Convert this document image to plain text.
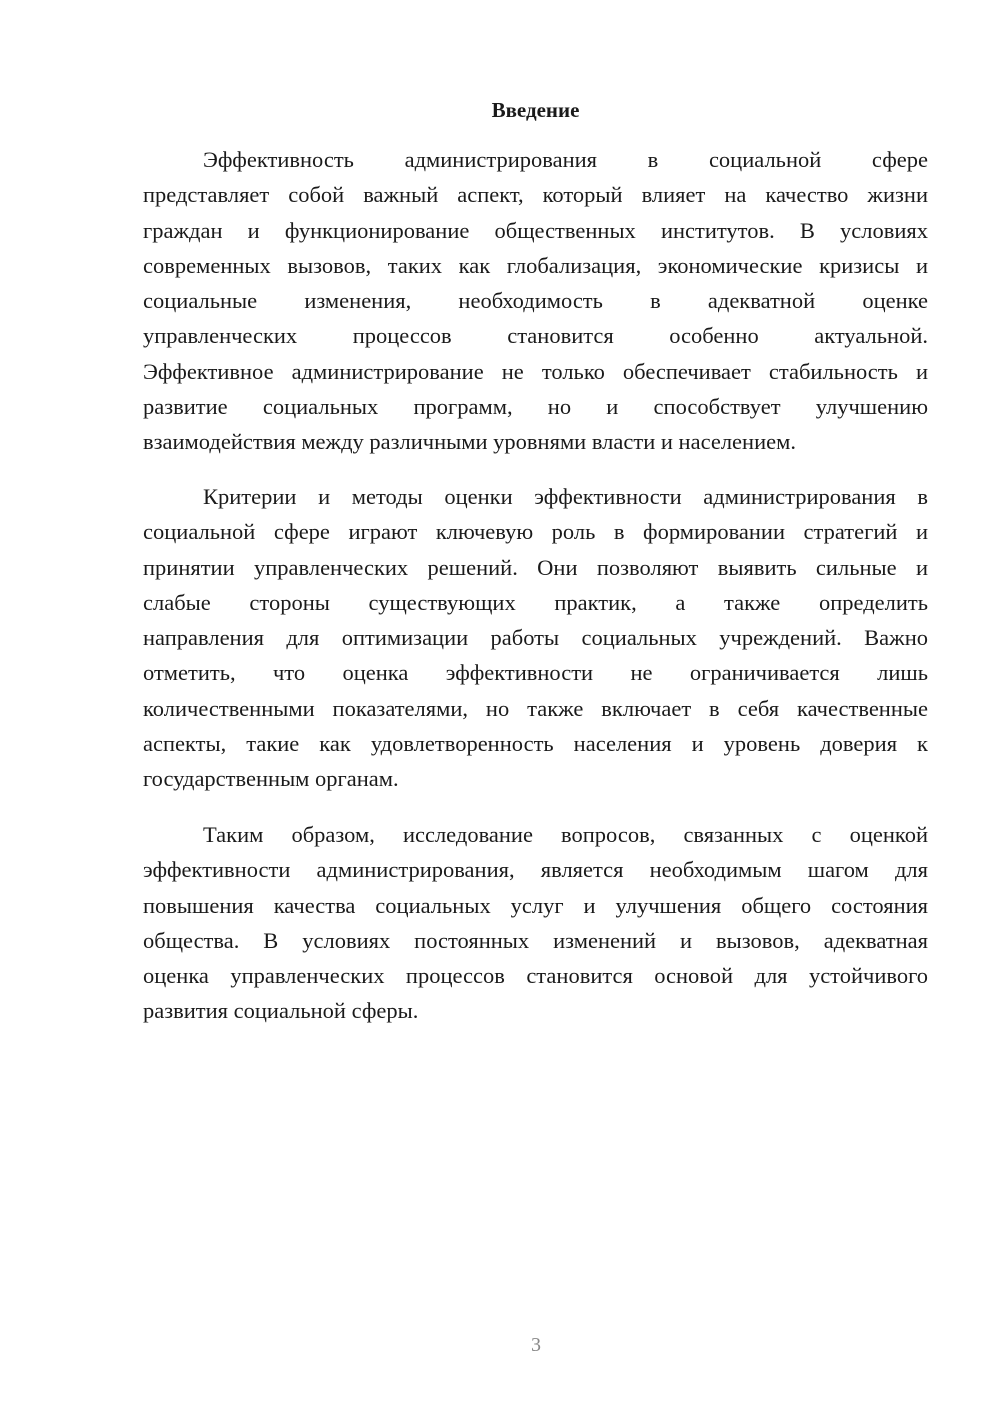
Введение
Эффективность администрирования в социальной сфере
представляет собой важный аспект, который влияет на качество жизни
граждан и функционирование общественных институтов. В условиях
современных вызовов, таких как глобализация, экономические кризисы и
социальные изменения, необходимость в адекватной оценке
управленческих процессов становится особенно актуальной.
Эффективное администрирование не только обеспечивает стабильность и
развитие социальных программ, но и способствует улучшению
взаимодействия между различными уровнями власти и населением.
Критерии и методы оценки эффективности администрирования в
социальной сфере играют ключевую роль в формировании стратегий и
принятии управленческих решений. Они позволяют выявить сильные и
слабые стороны существующих практик, а также определить
направления для оптимизации работы социальных учреждений. Важно
отметить, что оценка эффективности не ограничивается лишь
количественными показателями, но также включает в себя качественные
аспекты, такие как удовлетворенность населения и уровень доверия к
государственным органам.
Таким образом, исследование вопросов, связанных с оценкой
эффективности администрирования, является необходимым шагом для
повышения качества социальных услуг и улучшения общего состояния
общества. В условиях постоянных изменений и вызовов, адекватная
оценка управленческих процессов становится основой для устойчивого
развития социальной сферы.
3
